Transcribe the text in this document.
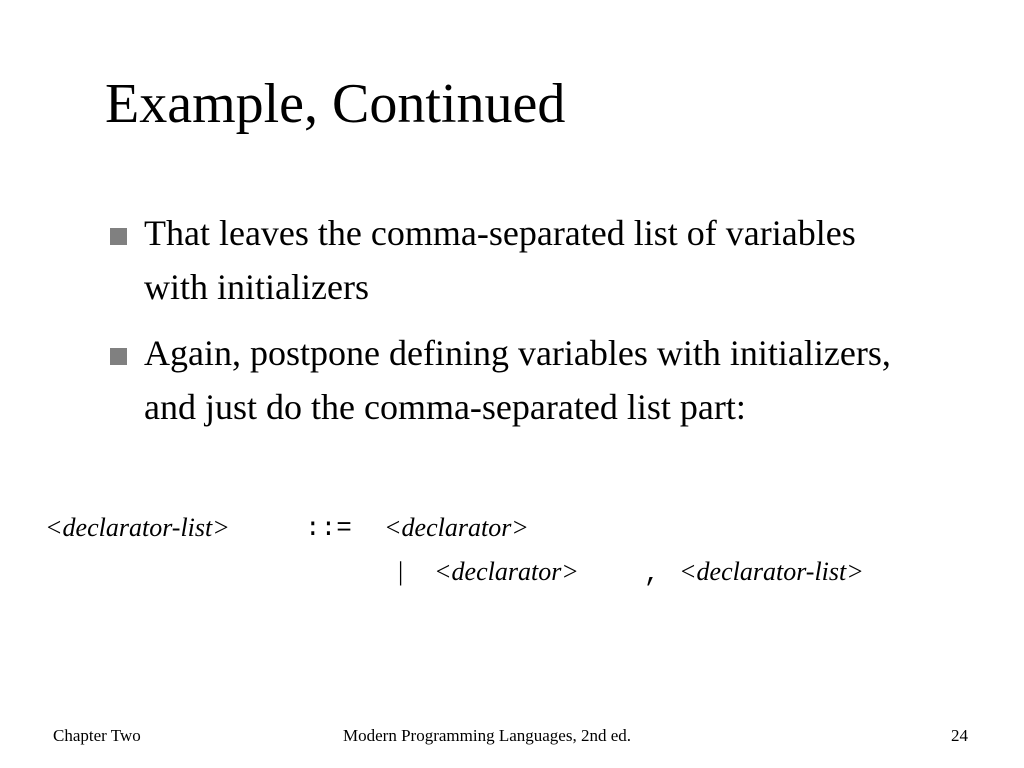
Example, Continued
That leaves the comma-separated list of variables with initializers
Again, postpone defining variables with initializers, and just do the comma-separated list part:
<declarator-list>	::= <declarator>
| <declarator>	, <declarator-list>
Chapter Two	Modern Programming Languages, 2nd ed.	24
